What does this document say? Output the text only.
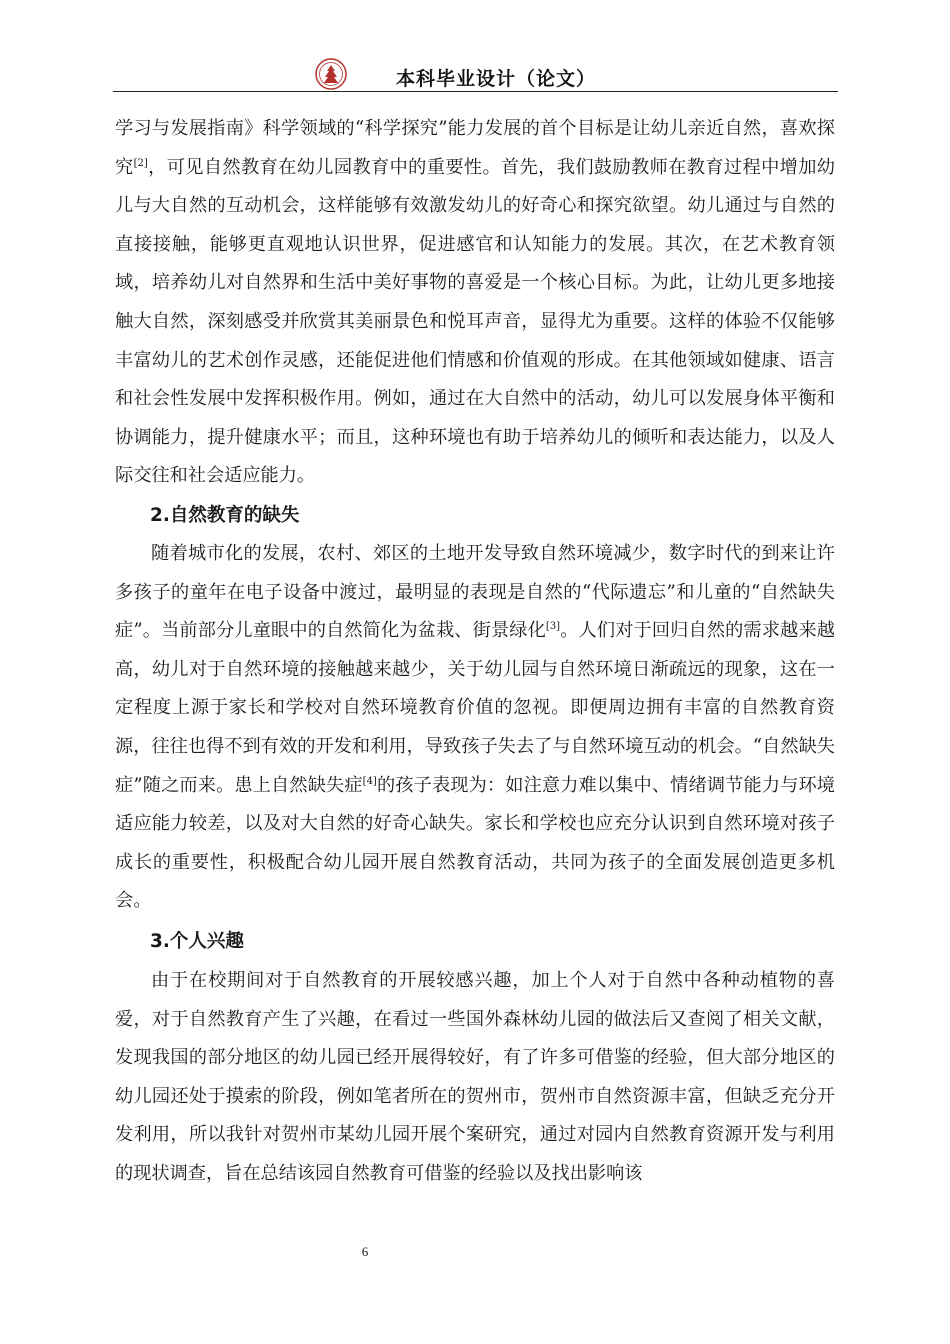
本科毕业设计（论文）

学习与发展指南》科学领域的“科学探究”能力发展的首个目标是让幼儿亲近自然，喜欢探究[2]，可见自然教育在幼儿园教育中的重要性。首先，我们鼓励教师在教育过程中增加幼儿与大自然的互动机会，这样能够有效激发幼儿的好奇心和探究欲望。幼儿通过与自然的直接接触，能够更直观地认识世界，促进感官和认知能力的发展。其次，在艺术教育领域，培养幼儿对自然界和生活中美好事物的喜爱是一个核心目标。为此，让幼儿更多地接触大自然，深刻感受并欣赏其美丽景色和悦耳声音，显得尤为重要。这样的体验不仅能够丰富幼儿的艺术创作灵感，还能促进他们情感和价值观的形成。在其他领域如健康、语言和社会性发展中发挥积极作用。例如，通过在大自然中的活动，幼儿可以发展身体平衡和协调能力，提升健康水平；而且，这种环境也有助于培养幼儿的倾听和表达能力，以及人际交往和社会适应能力。

2.自然教育的缺失

随着城市化的发展，农村、郊区的土地开发导致自然环境减少，数字时代的到来让许多孩子的童年在电子设备中渡过，最明显的表现是自然的“代际遗忘”和儿童的“自然缺失症”。当前部分儿童眼中的自然简化为盆栽、街景绿化[3]。人们对于回归自然的需求越来越高，幼儿对于自然环境的接触越来越少，关于幼儿园与自然环境日渐疏远的现象，这在一定程度上源于家长和学校对自然环境教育价值的忽视。即便周边拥有丰富的自然教育资源，往往也得不到有效的开发和利用，导致孩子失去了与自然环境互动的机会。“自然缺失症”随之而来。患上自然缺失症[4]的孩子表现为：如注意力难以集中、情绪调节能力与环境适应能力较差，以及对大自然的好奇心缺失。家长和学校也应充分认识到自然环境对孩子成长的重要性，积极配合幼儿园开展自然教育活动，共同为孩子的全面发展创造更多机会。

3.个人兴趣

由于在校期间对于自然教育的开展较感兴趣，加上个人对于自然中各种动植物的喜爱，对于自然教育产生了兴趣，在看过一些国外森林幼儿园的做法后又查阅了相关文献，发现我国的部分地区的幼儿园已经开展得较好，有了许多可借鉴的经验，但大部分地区的幼儿园还处于摸索的阶段，例如笔者所在的贺州市，贺州市自然资源丰富，但缺乏充分开发利用，所以我针对贺州市某幼儿园开展个案研究，通过对园内自然教育资源开发与利用的现状调查，旨在总结该园自然教育可借鉴的经验以及找出影响该

6
